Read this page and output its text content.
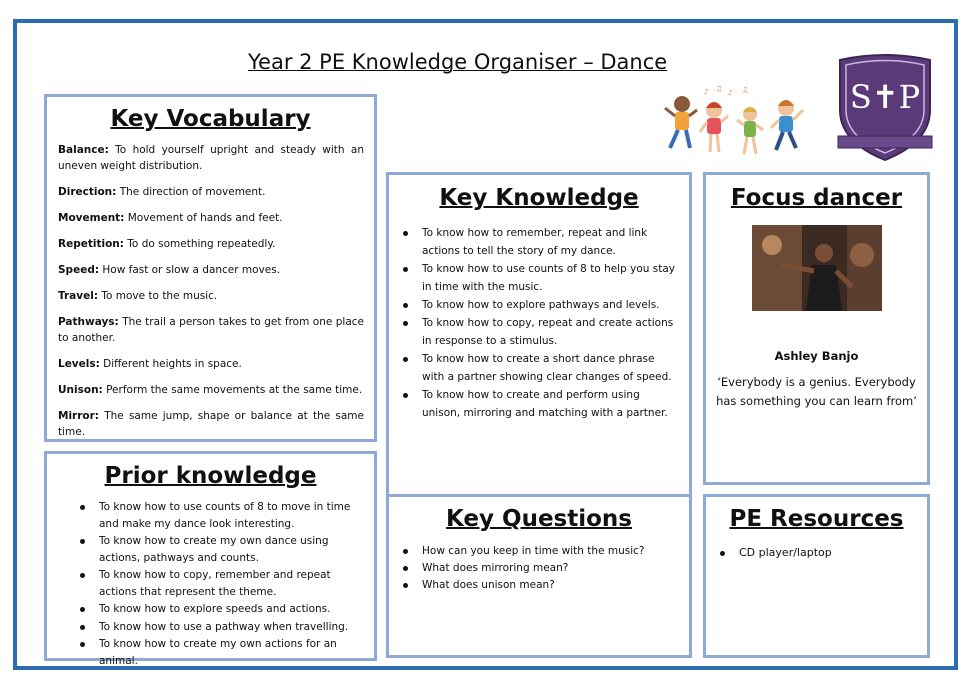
Year 2 PE Knowledge Organiser – Dance
♪ ♫ ♪ ♫	S✝P
Key Vocabulary
Balance: To hold yourself upright and steady with an uneven weight distribution.
Direction: The direction of movement.
Movement: Movement of hands and feet.
Repetition: To do something repeatedly.
Speed: How fast or slow a dancer moves.
Travel: To move to the music.
Pathways: The trail a person takes to get from one place to another.
Levels: Different heights in space.
Unison: Perform the same movements at the same time.
Mirror: The same jump, shape or balance at the same time.
Prior knowledge
To know how to use counts of 8 to move in time and make my dance look interesting.
To know how to create my own dance using actions, pathways and counts.
To know how to copy, remember and repeat actions that represent the theme.
To know how to explore speeds and actions.
To know how to use a pathway when travelling.
To know how to create my own actions for an animal.
Key Knowledge
To know how to remember, repeat and link actions to tell the story of my dance.
To know how to use counts of 8 to help you stay in time with the music.
To know how to explore pathways and levels.
To know how to copy, repeat and create actions in response to a stimulus.
To know how to create a short dance phrase with a partner showing clear changes of speed.
To know how to create and perform using unison, mirroring and matching with a partner.
Key Questions
How can you keep in time with the music?
What does mirroring mean?
What does unison mean?
Focus dancer
Ashley Banjo
‘Everybody is a genius. Everybody has something you can learn from’
PE Resources
CD player/laptop
